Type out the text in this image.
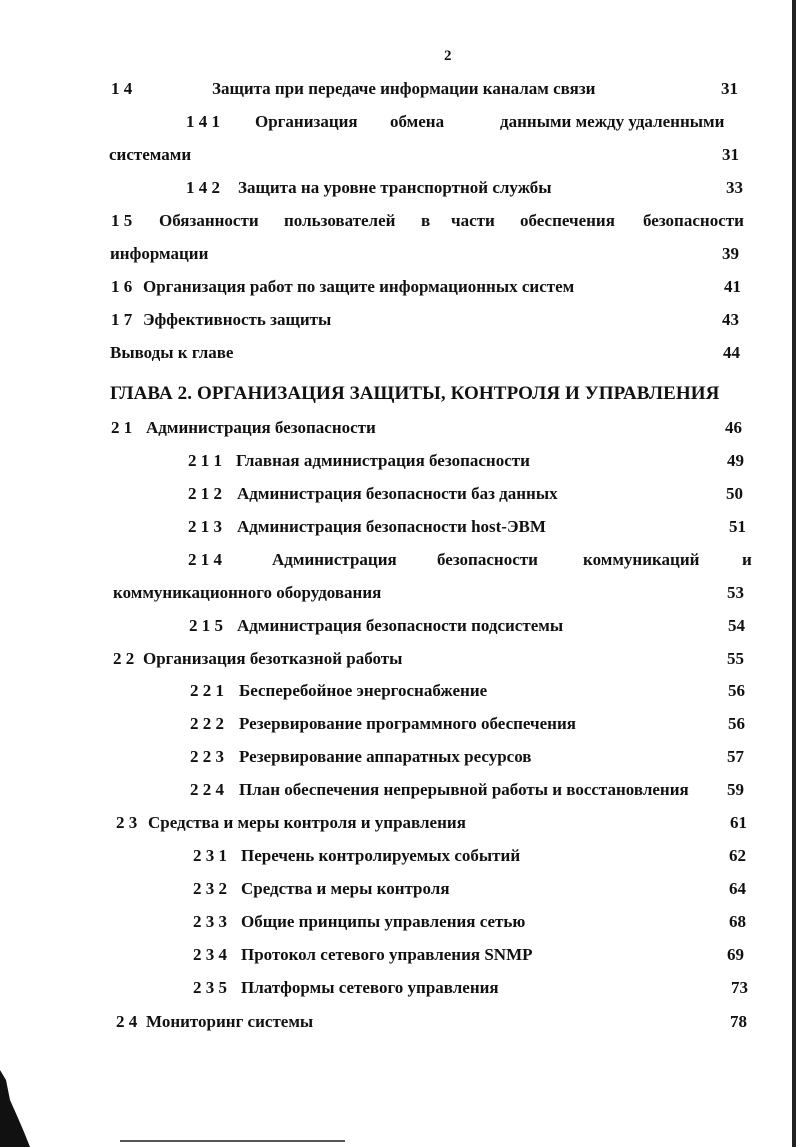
2
1 4	Защита при передаче информации каналам связи	31
1 4 1 Организация обмена	данными между удаленными
системами	31
1 4 2 Защита на уровне транспортной службы	33
1 5 Обязанности пользователей в части обеспечения безопасности
информации	39
1 6 Организация работ по защите информационных систем	41
1 7 Эффективность защиты	43
Выводы к главе	44
ГЛАВА 2. ОРГАНИЗАЦИЯ ЗАЩИТЫ, КОНТРОЛЯ И УПРАВЛЕНИЯ
2 1 Администрация безопасности	46
2 1 1 Главная администрация безопасности	49
2 1 2 Администрация безопасности баз данных	50
2 1 3 Администрация безопасности host-ЭВМ	51
2 1 4	Администрация безопасности	коммуникаций	и
коммуникационного оборудования	53
2 1 5 Администрация безопасности подсистемы	54
2 2 Организация безотказной работы	55
2 2 1 Бесперебойное энергоснабжение	56
2 2 2 Резервирование программного обеспечения	56
2 2 3 Резервирование аппаратных ресурсов	57
2 2 4 План обеспечения непрерывной работы и восстановления 59
2 3 Средства и меры контроля и управления	61
2 3 1 Перечень контролируемых событий	62
2 3 2 Средства и меры контроля	64
2 3 3 Общие принципы управления сетью	68
2 3 4 Протокол сетевого управления SNMP	69
2 3 5 Платформы сетевого управления	73
2 4 Мониторинг системы	78
